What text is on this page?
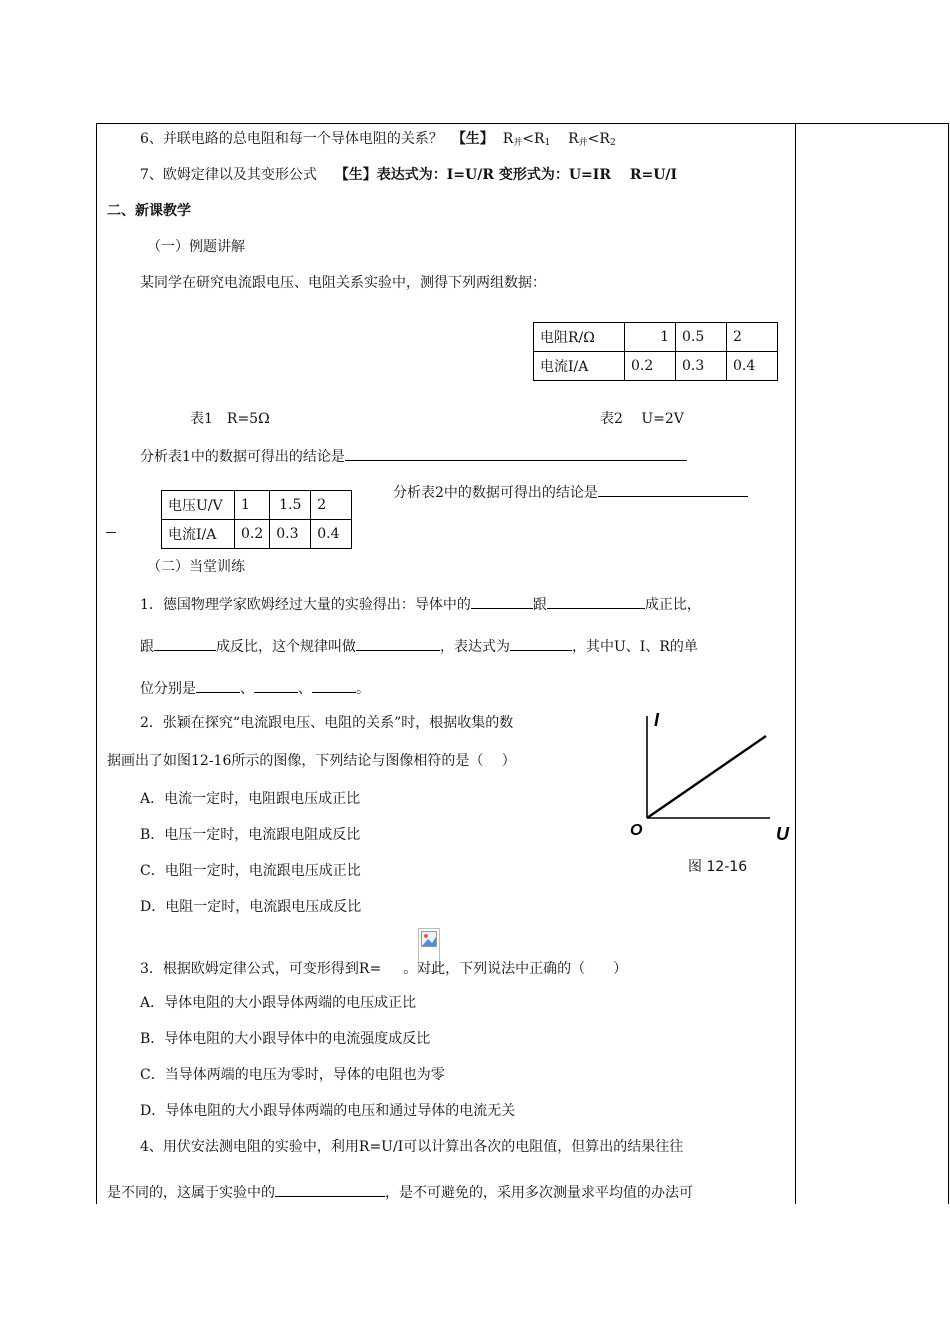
6、并联电路的总电阻和每一个导体电阻的关系？ 【生】 $R_并<R_1$ $R_并<R_2$
7、欧姆定律以及其变形公式 【生】表达式为：I=U/R 变形式为：U=IR　 R=U/I
二、新课教学
（一）例题讲解
某同学在研究电流跟电压、电阻关系实验中，测得下列两组数据：
电阻R/Ω	1	0.5	2
电流I/A	0.2	0.3	0.4
表1　R=5Ω	表2　 U=2V
分析表1中的数据可得出的结论是
分析表2中的数据可得出的结论是
电压U/V	1	1.5	2
电流I/A	0.2	0.3	0.4
（二）当堂训练
1．德国物理学家欧姆经过大量的实验得出：导体中的	跟	成正比，
跟	成反比，这个规律叫做	，表达式为	，其中U、I、R的单
位分别是	、	、	。
2．张颖在探究“电流跟电压、电阻的关系”时，根据收集的数
据画出了如图12-16所示的图像，下列结论与图像相符的是（　 ）
A．电流一定时，电阻跟电压成正比
B．电压一定时，电流跟电阻成反比
C．电阻一定时，电流跟电压成正比
D．电阻一定时，电流跟电压成反比
I
U
O
图 12-16
3．根据欧姆定律公式，可变形得到R= 。对此，下列说法中正确的（　　）
A．导体电阻的大小跟导体两端的电压成正比
B．导体电阻的大小跟导体中的电流强度成反比
C．当导体两端的电压为零时，导体的电阻也为零
D．导体电阻的大小跟导体两端的电压和通过导体的电流无关
4、用伏安法测电阻的实验中，利用R=U/I可以计算出各次的电阻值，但算出的结果往往
是不同的，这属于实验中的	，是不可避免的，采用多次测量求平均值的办法可
